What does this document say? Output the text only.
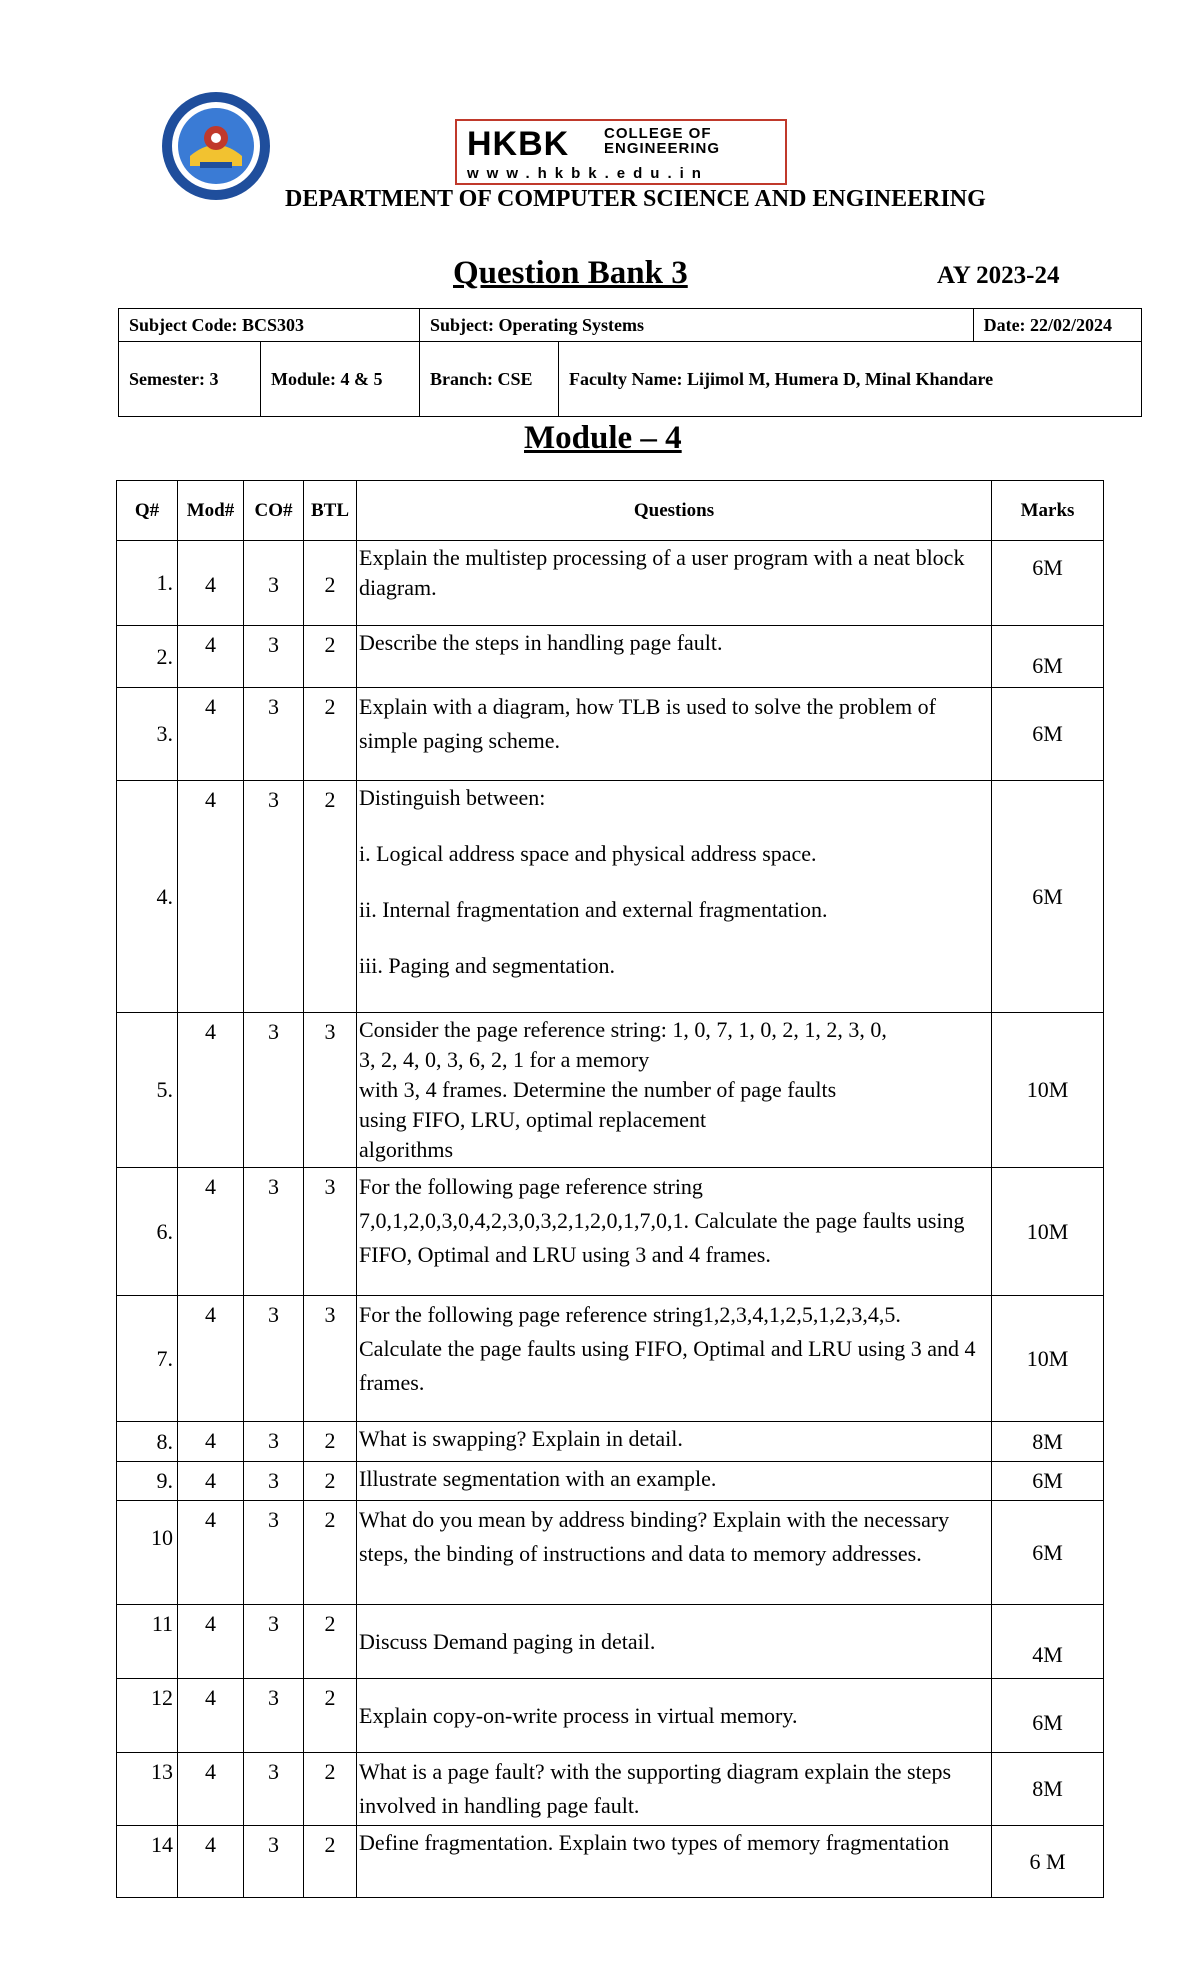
HKBK COLLEGE OF
ENGINEERING
www.hkbk.edu.in
DEPARTMENT OF COMPUTER SCIENCE AND ENGINEERING
Question Bank 3	AY 2023-24
Subject Code: BCS303		Subject: Operating Systems		Date: 22/02/2024
Semester: 3	Module: 4 & 5	Branch: CSE	Faculty Name: Lijimol M, Humera D, Minal Khandare	
Module – 4
Q#	Mod#	CO#	BTL	Questions	Marks
1.	4	3	2	Explain the multistep processing of a user program with a neat block diagram.	6M
2.	4	3	2	Describe the steps in handling page fault.	6M
3.	4	3	2	Explain with a diagram, how TLB is used to solve the problem of simple paging scheme.	6M
4.	4	3	2	Distinguish between:
i. Logical address space and physical address space.
ii. Internal fragmentation and external fragmentation.
iii. Paging and segmentation.	6M
5.	4	3	3	Consider the page reference string: 1, 0, 7, 1, 0, 2, 1, 2, 3, 0,
3, 2, 4, 0, 3, 6, 2, 1 for a memory
with 3, 4 frames. Determine the number of page faults
using FIFO, LRU, optimal replacement
algorithms	10M
6.	4	3	3	For the following page reference string 7,0,1,2,0,3,0,4,2,3,0,3,2,1,2,0,1,7,0,1. Calculate the page faults using FIFO, Optimal and LRU using 3 and 4 frames.	10M
7.	4	3	3	For the following page reference string1,2,3,4,1,2,5,1,2,3,4,5. Calculate the page faults using FIFO, Optimal and LRU using 3 and 4 frames.	10M
8.	4	3	2	What is swapping? Explain in detail.	8M
9.	4	3	2	Illustrate segmentation with an example.	6M
10	4	3	2	What do you mean by address binding? Explain with the necessary steps, the binding of instructions and data to memory addresses.	6M
11	4	3	2	Discuss Demand paging in detail.	4M
12	4	3	2	Explain copy-on-write process in virtual memory.	6M
13	4	3	2	What is a page fault? with the supporting diagram explain the steps involved in handling page fault.	8M
14	4	3	2	Define fragmentation. Explain two types of memory fragmentation	6 M
